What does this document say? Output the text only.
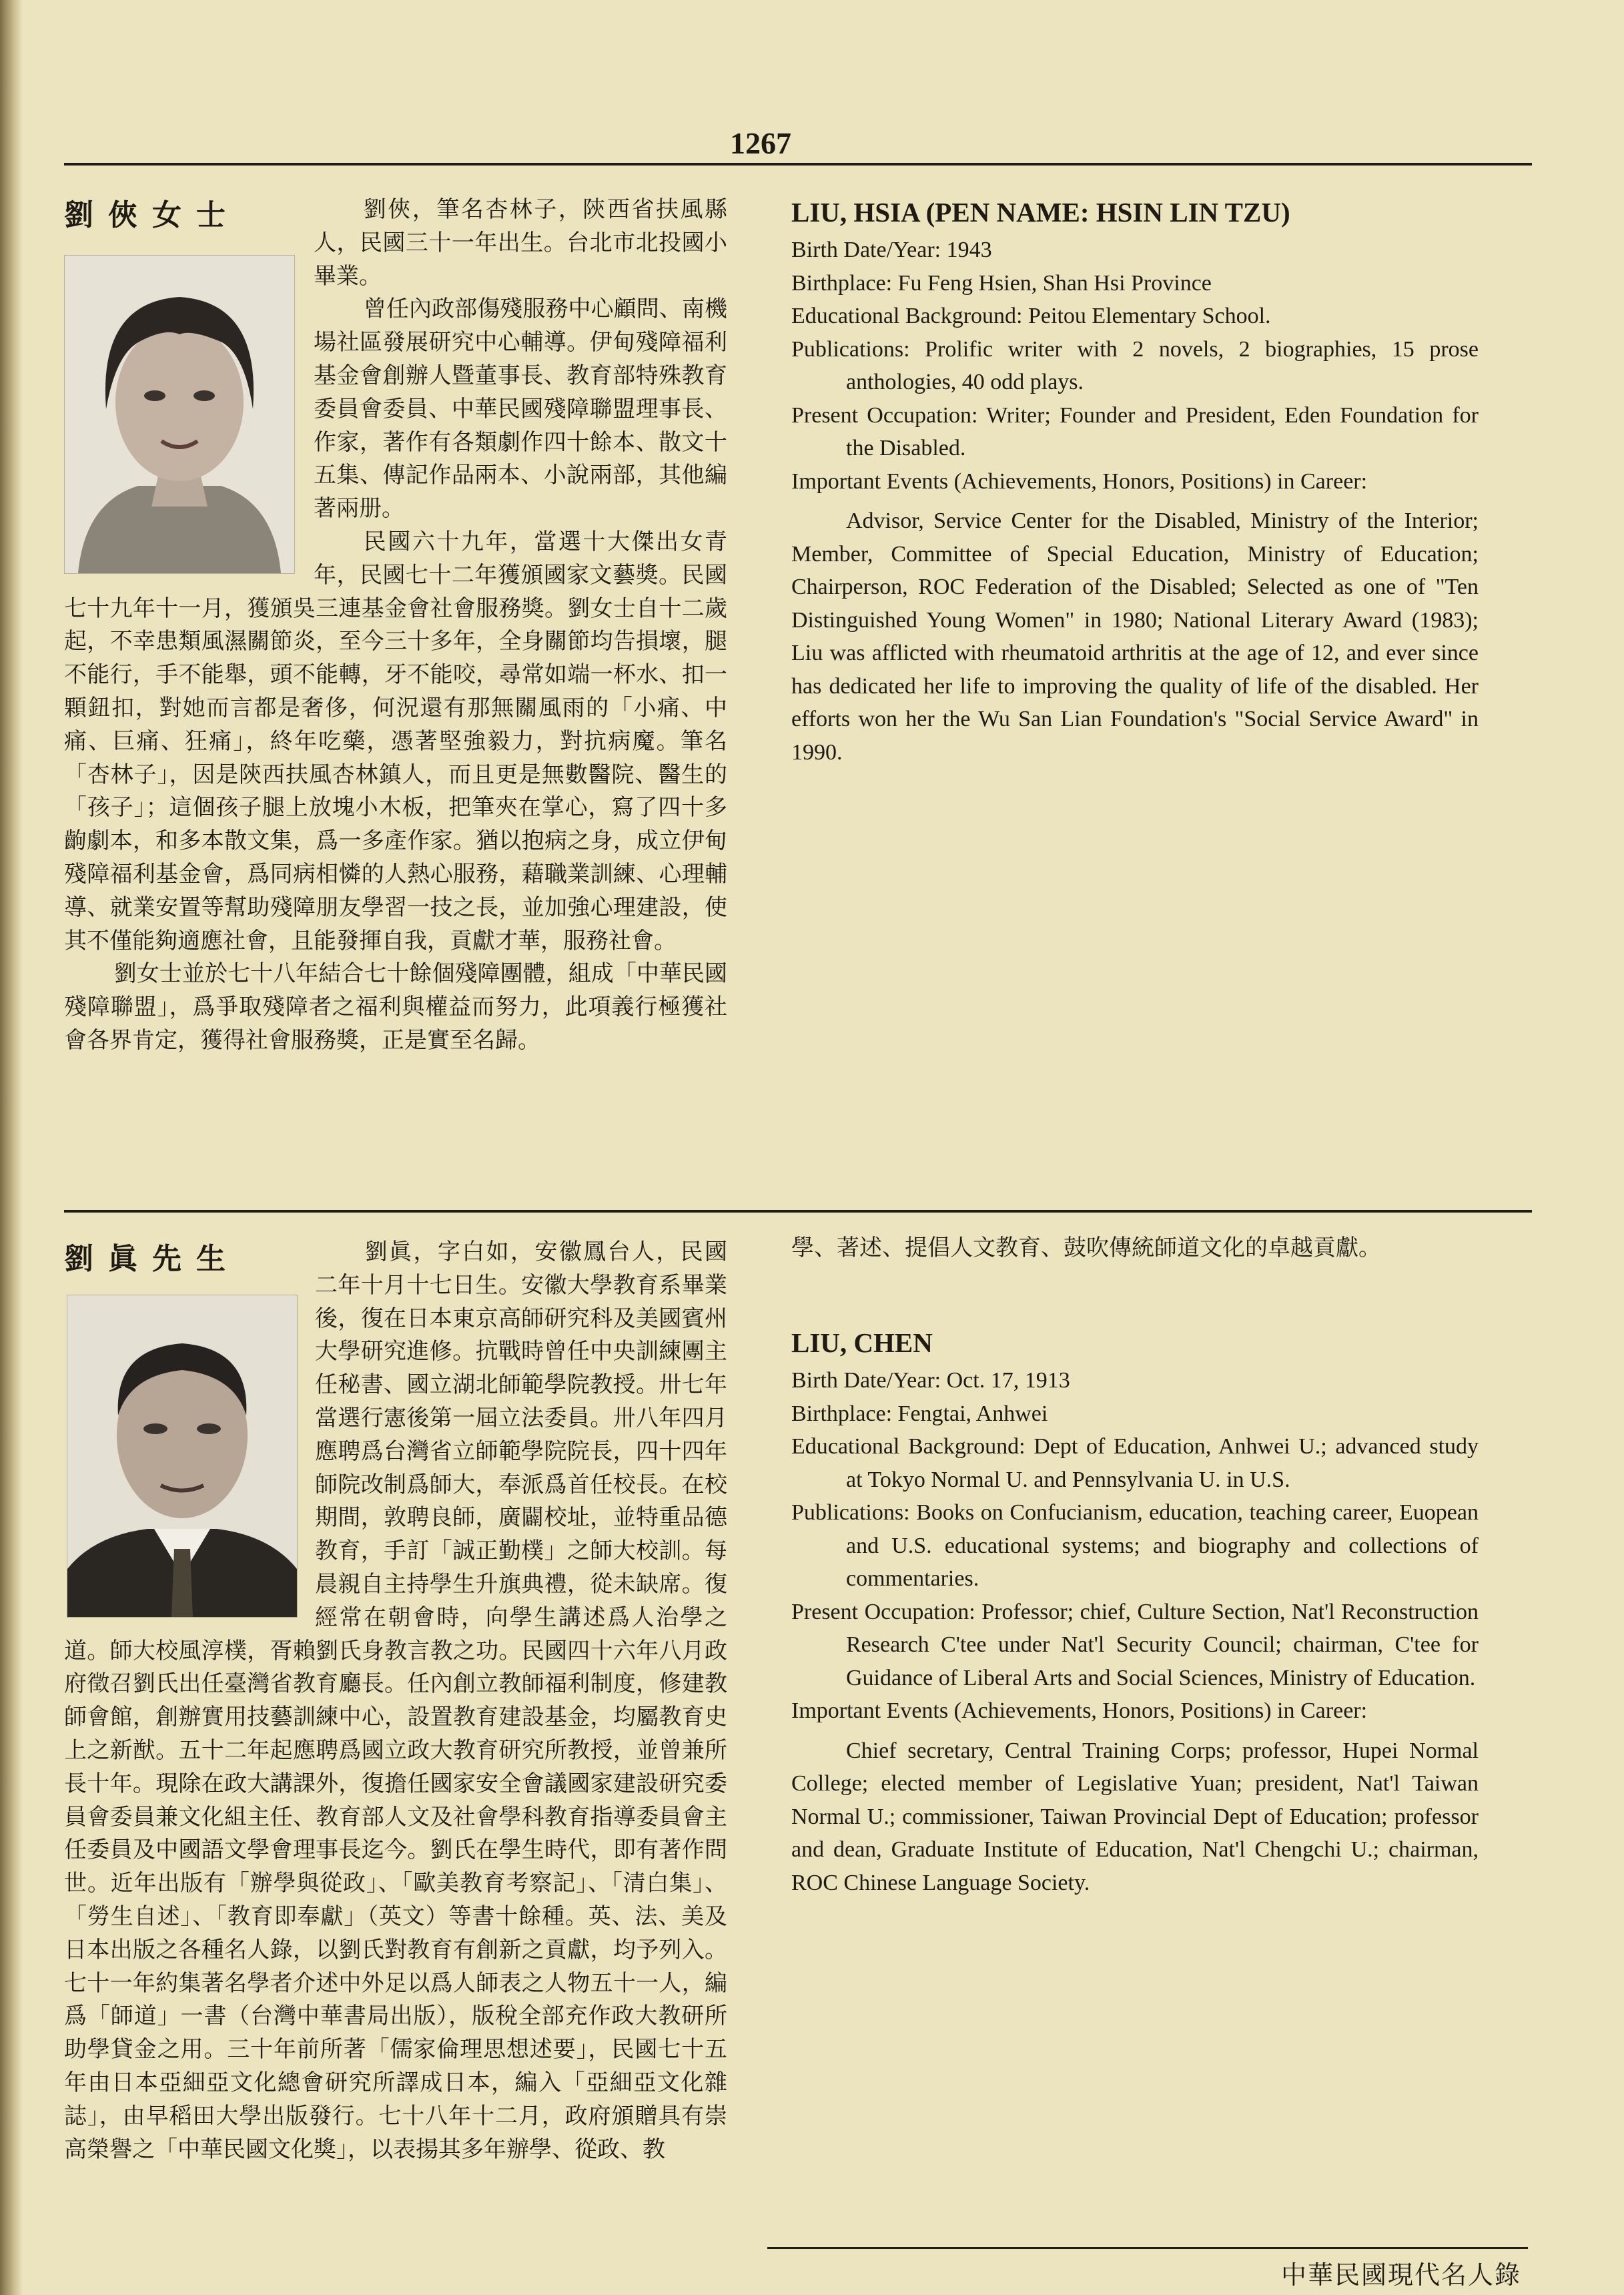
1267
劉俠女士	劉俠，筆名杏林子，陝西省扶風縣人，民國三十一年出生。台北市北投國小畢業。

曾任內政部傷殘服務中心顧問、南機場社區發展研究中心輔導。伊甸殘障福利基金會創辦人暨董事長、教育部特殊教育委員會委員、中華民國殘障聯盟理事長、作家，著作有各類劇作四十餘本、散文十五集、傳記作品兩本、小說兩部，其他編著兩册。

民國六十九年，當選十大傑出女青年，民國七十二年獲頒國家文藝獎。民國七十九年十一月，獲頒吳三連基金會社會服務獎。劉女士自十二歲起，不幸患類風濕關節炎，至今三十多年，全身關節均告損壞，腿不能行，手不能舉，頭不能轉，牙不能咬，尋常如端一杯水、扣一顆鈕扣，對她而言都是奢侈，何況還有那無關風雨的「小痛、中痛、巨痛、狂痛」，終年吃藥，憑著堅強毅力，對抗病魔。筆名「杏林子」，因是陝西扶風杏林鎮人，而且更是無數醫院、醫生的「孩子」；這個孩子腿上放塊小木板，把筆夾在掌心，寫了四十多齣劇本，和多本散文集，爲一多產作家。猶以抱病之身，成立伊甸殘障福利基金會，爲同病相憐的人熱心服務，藉職業訓練、心理輔導、就業安置等幫助殘障朋友學習一技之長，並加強心理建設，使其不僅能夠適應社會，且能發揮自我，貢獻才華，服務社會。

劉女士並於七十八年結合七十餘個殘障團體，組成「中華民國殘障聯盟」，爲爭取殘障者之福利與權益而努力，此項義行極獲社會各界肯定，獲得社會服務獎，正是實至名歸。

LIU, HSIA (PEN NAME: HSIN LIN TZU)
Birth Date/Year: 1943
Birthplace: Fu Feng Hsien, Shan Hsi Province
Educational Background: Peitou Elementary School.
Publications: Prolific writer with 2 novels, 2 biographies, 15 prose anthologies, 40 odd plays.
Present Occupation: Writer; Founder and President, Eden Foundation for the Disabled.
Important Events (Achievements, Honors, Positions) in Career:
Advisor, Service Center for the Disabled, Ministry of the Interior; Member, Committee of Special Education, Ministry of Education; Chairperson, ROC Federation of the Disabled; Selected as one of "Ten Distinguished Young Women" in 1980; National Literary Award (1983); Liu was afflicted with rheumatoid arthritis at the age of 12, and ever since has dedicated her life to improving the quality of life of the disabled. Her efforts won her the Wu San Lian Foundation's "Social Service Award" in 1990.
劉眞先生	劉眞，字白如，安徽鳳台人，民國二年十月十七日生。安徽大學教育系畢業後，復在日本東京高師研究科及美國賓州大學研究進修。抗戰時曾任中央訓練團主任秘書、國立湖北師範學院教授。卅七年當選行憲後第一屆立法委員。卅八年四月應聘爲台灣省立師範學院院長，四十四年師院改制爲師大，奉派爲首任校長。在校期間，敦聘良師，廣闢校址，並特重品德教育，手訂「誠正勤樸」之師大校訓。每晨親自主持學生升旗典禮，從未缺席。復經常在朝會時，向學生講述爲人治學之道。師大校風淳樸，胥賴劉氏身教言教之功。民國四十六年八月政府徵召劉氏出任臺灣省教育廳長。任內創立教師福利制度，修建教師會館，創辦實用技藝訓練中心，設置教育建設基金，均屬教育史上之新猷。五十二年起應聘爲國立政大教育研究所教授，並曾兼所長十年。現除在政大講課外，復擔任國家安全會議國家建設研究委員會委員兼文化組主任、教育部人文及社會學科教育指導委員會主任委員及中國語文學會理事長迄今。劉氏在學生時代，即有著作問世。近年出版有「辦學與從政」、「歐美教育考察記」、「清白集」、「勞生自述」、「教育即奉獻」（英文）等書十餘種。英、法、美及日本出版之各種名人錄，以劉氏對教育有創新之貢獻，均予列入。七十一年約集著名學者介述中外足以爲人師表之人物五十一人，編爲「師道」一書（台灣中華書局出版），版稅全部充作政大教研所助學貸金之用。三十年前所著「儒家倫理思想述要」，民國七十五年由日本亞細亞文化總會研究所譯成日本，編入「亞細亞文化雜誌」，由早稻田大學出版發行。七十八年十二月，政府頒贈具有崇高榮譽之「中華民國文化獎」，以表揚其多年辦學、從政、教

學、著述、提倡人文教育、鼓吹傳統師道文化的卓越貢獻。

LIU, CHEN
Birth Date/Year: Oct. 17, 1913
Birthplace: Fengtai, Anhwei
Educational Background: Dept of Education, Anhwei U.; advanced study at Tokyo Normal U. and Pennsylvania U. in U.S.
Publications: Books on Confucianism, education, teaching career, Euopean and U.S. educational systems; and biography and collections of commentaries.
Present Occupation: Professor; chief, Culture Section, Nat'l Reconstruction Research C'tee under Nat'l Security Council; chairman, C'tee for Guidance of Liberal Arts and Social Sciences, Ministry of Education.
Important Events (Achievements, Honors, Positions) in Career:
Chief secretary, Central Training Corps; professor, Hupei Normal College; elected member of Legislative Yuan; president, Nat'l Taiwan Normal U.; commissioner, Taiwan Provincial Dept of Education; professor and dean, Graduate Institute of Education, Nat'l Chengchi U.; chairman, ROC Chinese Language Society.
中華民國現代名人錄
